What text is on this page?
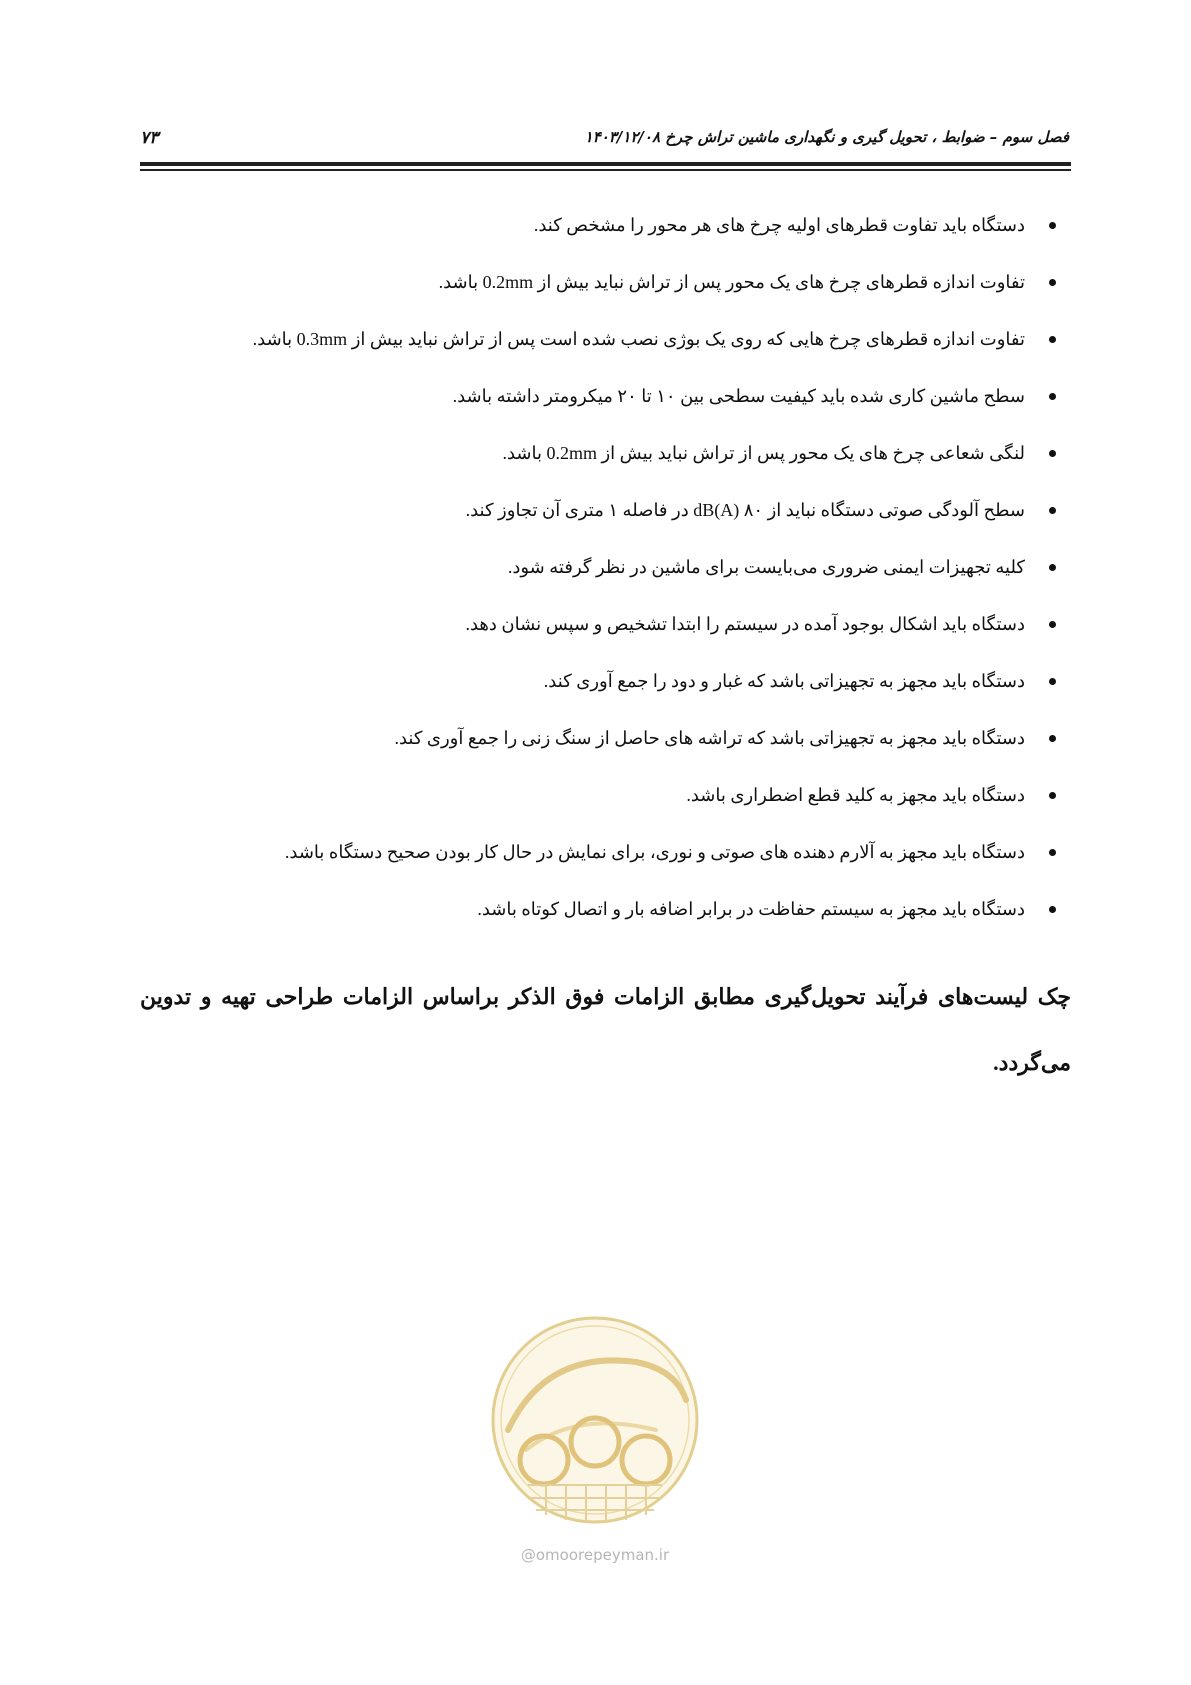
فصل سوم – ضوابط ، تحویل گیری و نگهداری ماشین تراش چرخ ۱۴۰۳/۱۲/۰۸
۷۳
دستگاه باید تفاوت قطرهای اولیه چرخ های هر محور را مشخص کند.
تفاوت اندازه قطرهای چرخ های یک محور پس از تراش نباید بیش از 0.2mm باشد.
تفاوت اندازه قطرهای چرخ هایی که روی یک بوژی نصب شده است پس از تراش نباید بیش از 0.3mm باشد.
سطح ماشین کاری شده باید کیفیت سطحی بین ۱۰ تا ۲۰ میکرومتر داشته باشد.
لنگی شعاعی چرخ های یک محور پس از تراش نباید بیش از 0.2mm باشد.
سطح آلودگی صوتی دستگاه نباید از dB(A) ۸۰ در فاصله ۱ متری آن تجاوز کند.
کلیه تجهیزات ایمنی ضروری می‌بایست برای ماشین در نظر گرفته شود.
دستگاه باید اشکال بوجود آمده در سیستم را ابتدا تشخیص و سپس نشان دهد.
دستگاه باید مجهز به تجهیزاتی باشد که غبار و دود را جمع آوری کند.
دستگاه باید مجهز به تجهیزاتی باشد که تراشه های حاصل از سنگ زنی را جمع آوری کند.
دستگاه باید مجهز به کلید قطع اضطراری باشد.
دستگاه باید مجهز به آلارم دهنده های صوتی و نوری، برای نمایش در حال کار بودن صحیح دستگاه باشد.
دستگاه باید مجهز به سیستم حفاظت در برابر اضافه بار و اتصال کوتاه باشد.
چک لیست‌های فرآیند تحویل‌گیری مطابق الزامات فوق الذکر براساس الزامات طراحی تهیه و تدوین می‌گردد.
@omoorepeyman.ir
